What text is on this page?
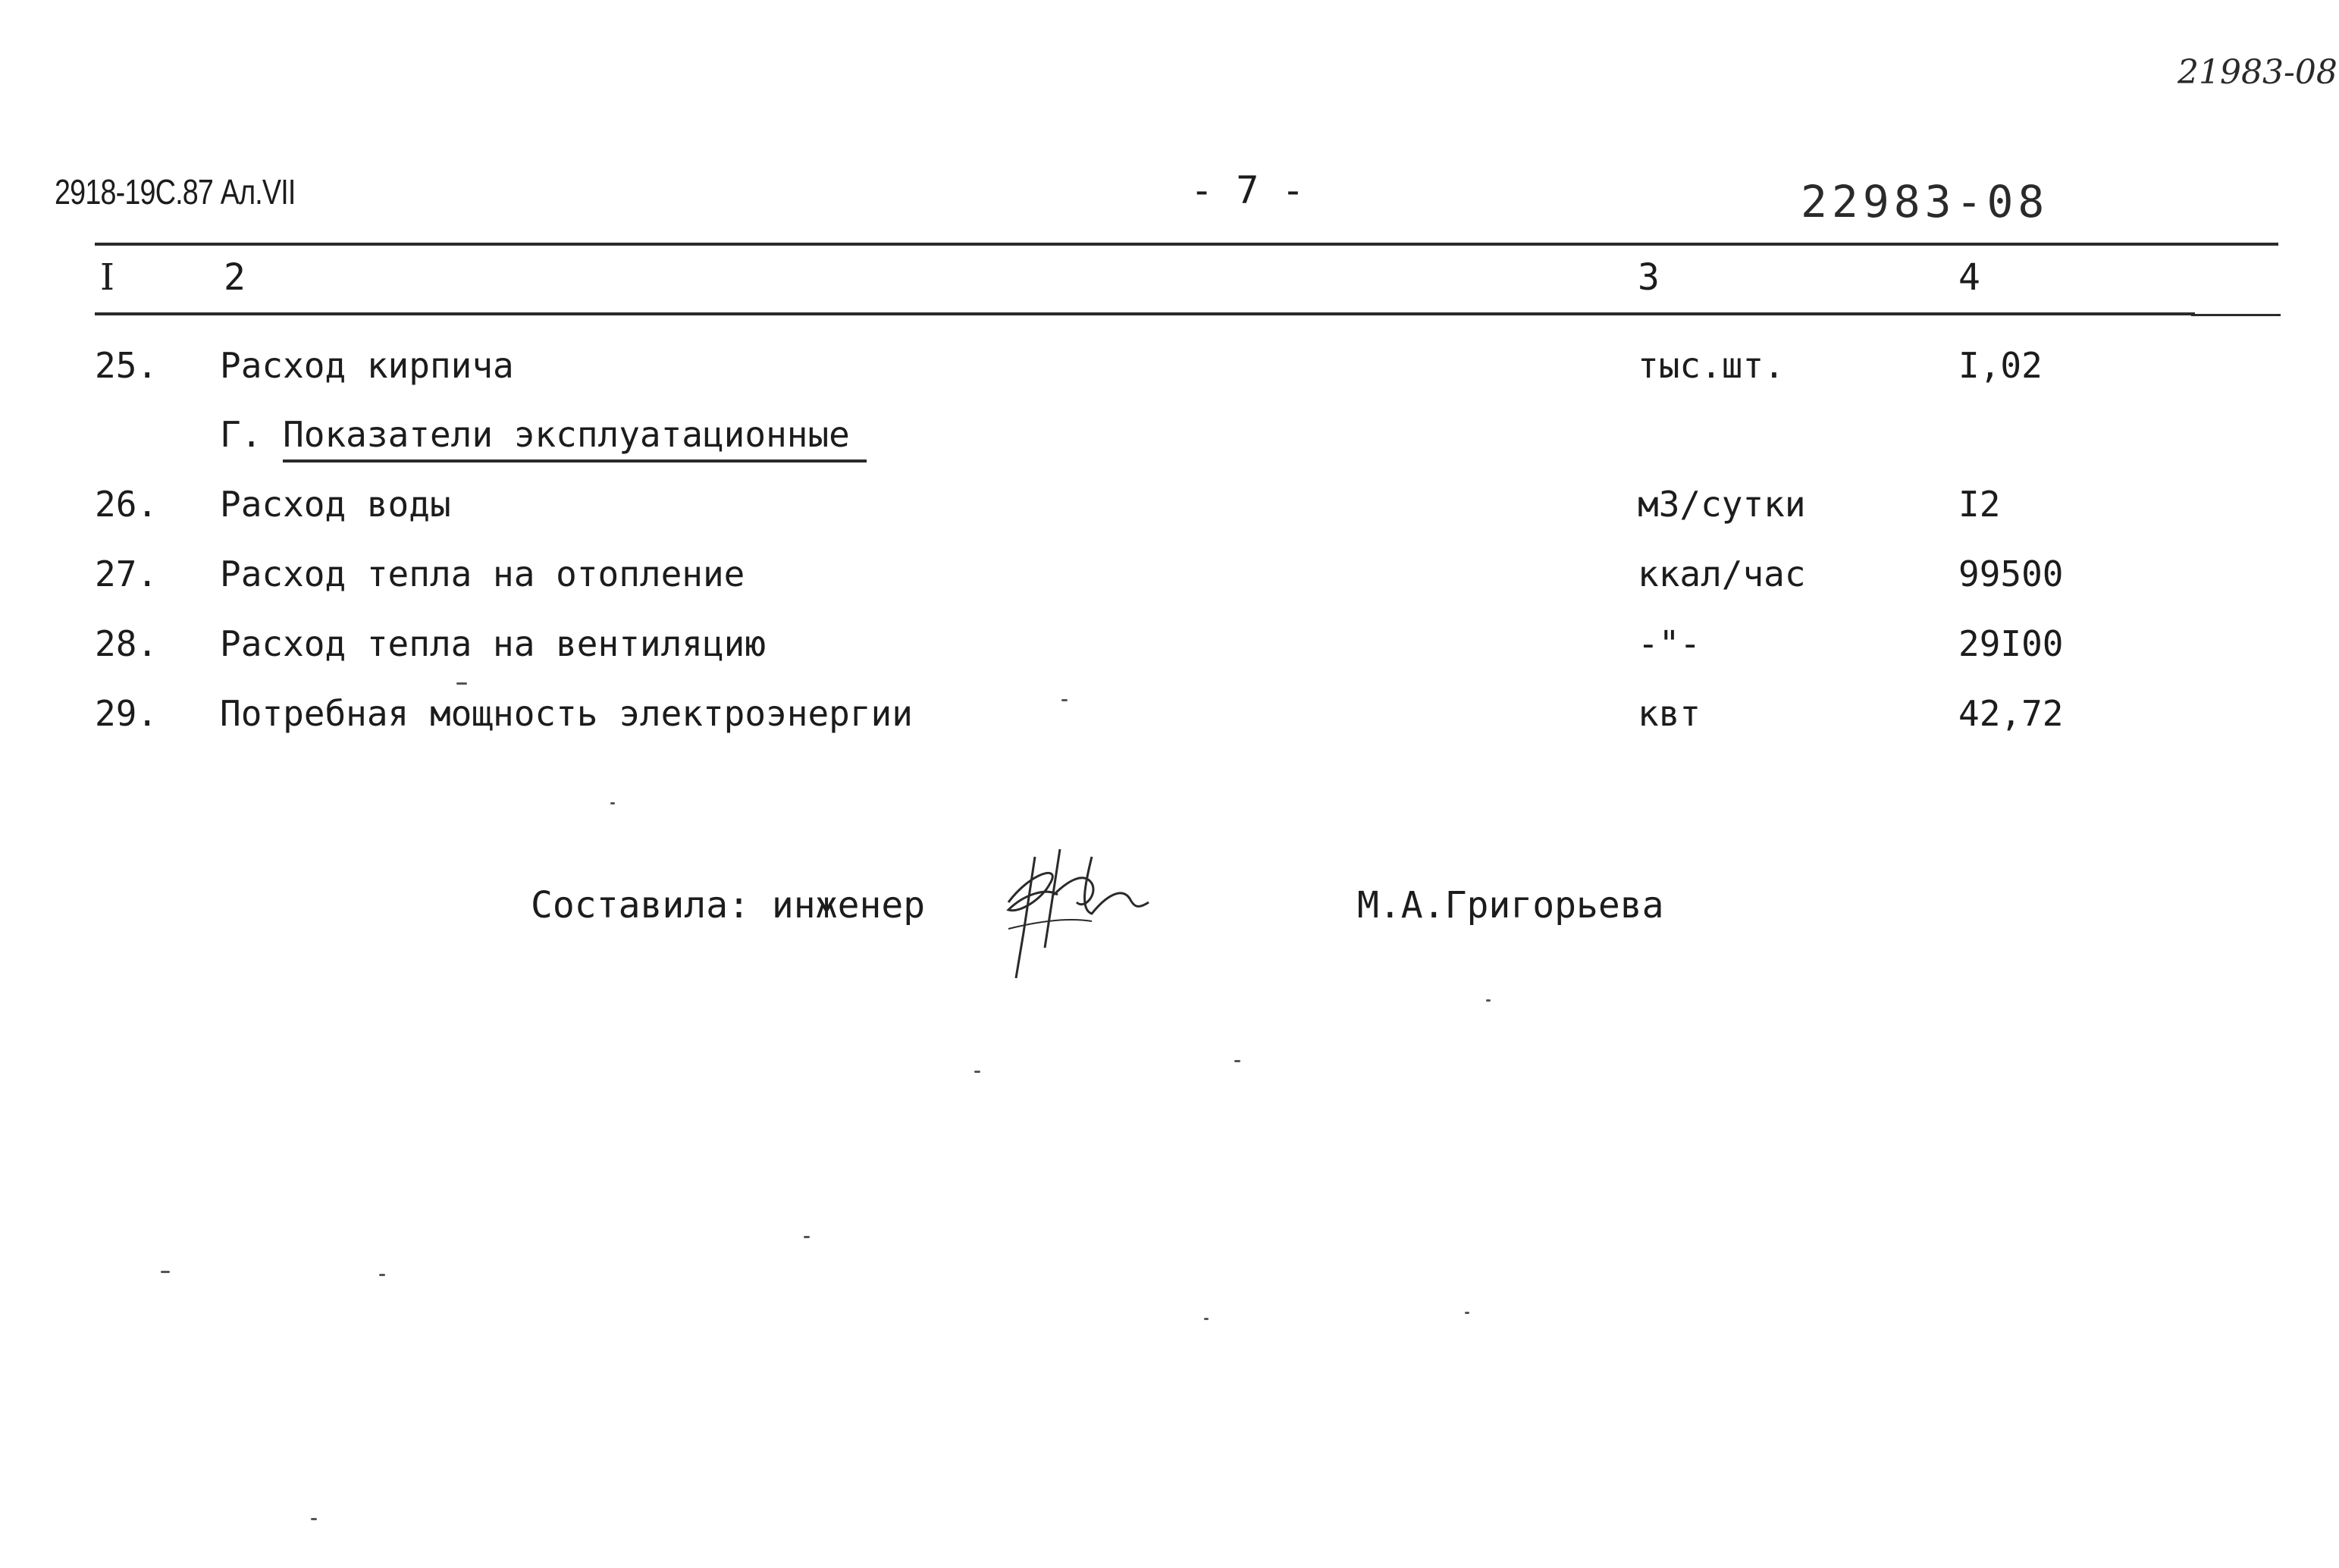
21983-08
2918-19С.87 Ал.VII	- 7 -	22983-08
I	2	3	4
25. Расход кирпича	тыс.шт.	I,02
Г. Показатели эксплуатационные
26. Расход воды	м3/сутки	I2
27. Расход тепла на отопление	ккал/час	99500
28. Расход тепла на вентиляцию	-"-	29I00
29. Потребная мощность электроэнергии	квт	42,72
Составила: инженер	М.А.Григорьева
